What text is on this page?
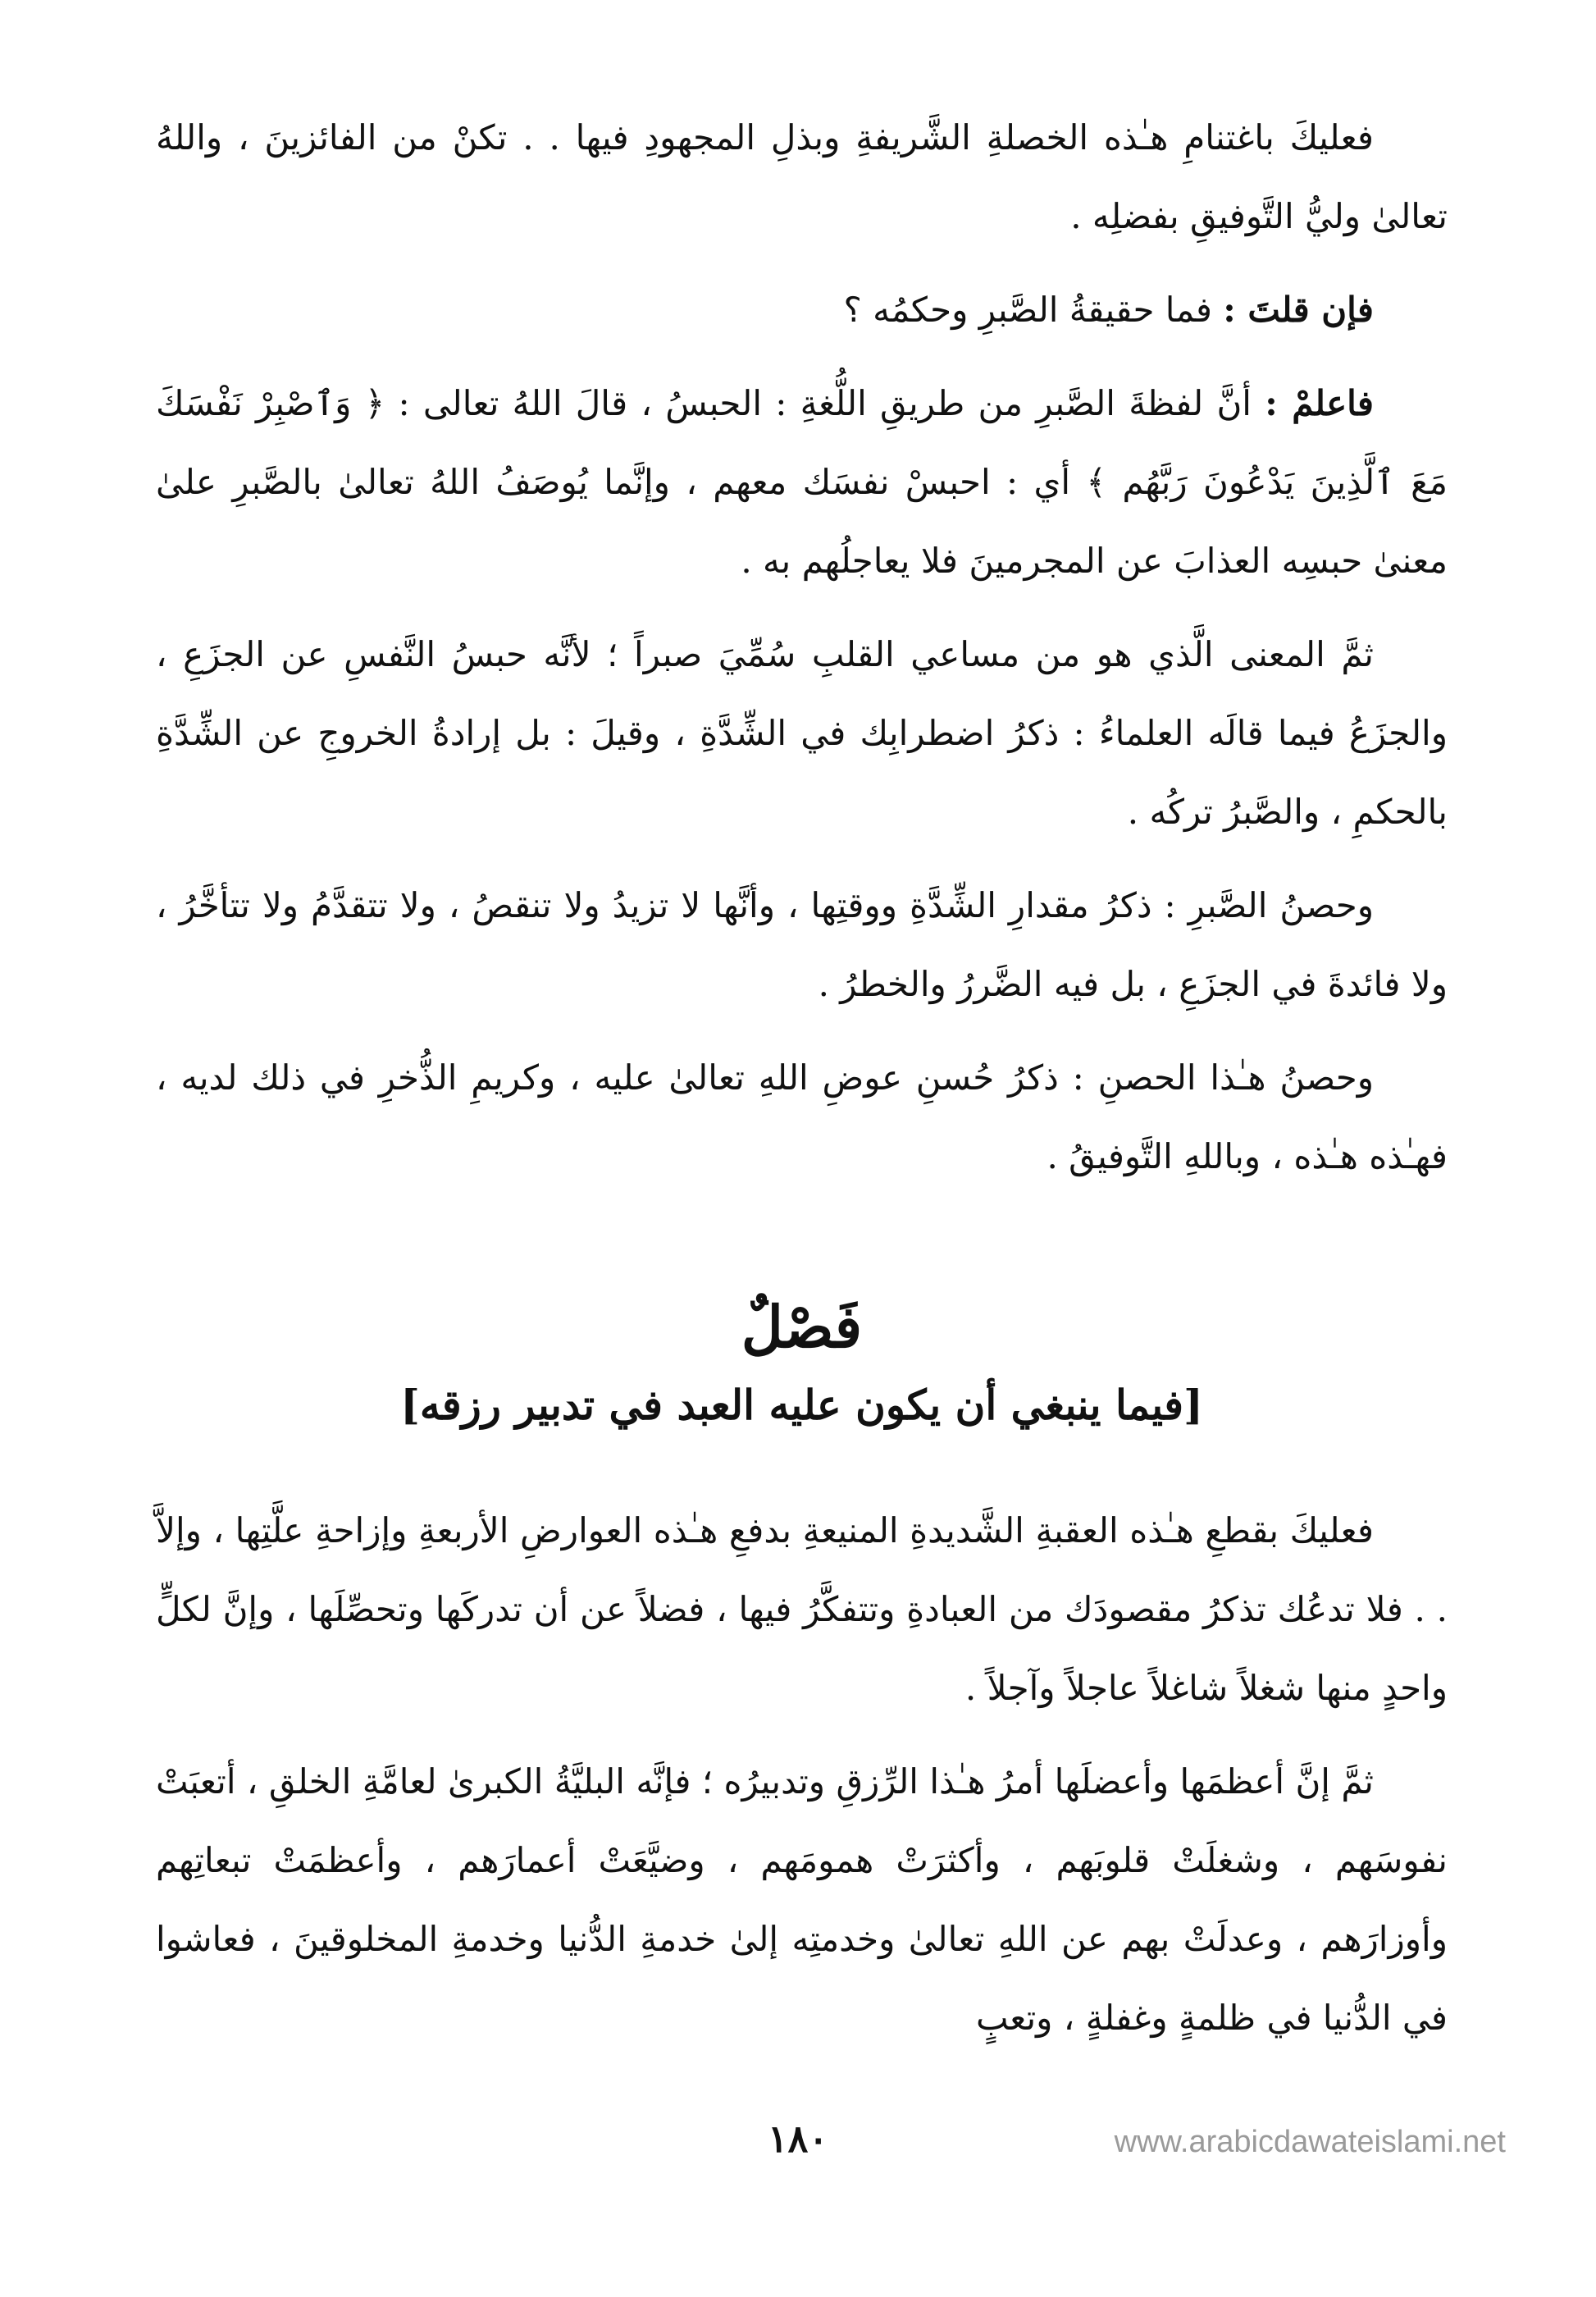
فعليكَ باغتنامِ هـٰذه الخصلةِ الشَّريفةِ وبذلِ المجهودِ فيها . . تكنْ من الفائزينَ ، واللهُ تعالىٰ وليُّ التَّوفيقِ بفضلِه .

فإن قلتَ : فما حقيقةُ الصَّبرِ وحكمُه ؟

فاعلمْ : أنَّ لفظةَ الصَّبرِ من طريقِ اللُّغةِ : الحبسُ ، قالَ اللهُ تعالى : ﴿ وَٱصْبِرْ نَفْسَكَ مَعَ ٱلَّذِينَ يَدْعُونَ رَبَّهُم ﴾ أي : احبسْ نفسَك معهم ، وإنَّما يُوصَفُ اللهُ تعالىٰ بالصَّبرِ علىٰ معنىٰ حبسِه العذابَ عن المجرمينَ فلا يعاجلُهم به .

ثمَّ المعنى الَّذي هو من مساعي القلبِ سُمِّيَ صبراً ؛ لأنَّه حبسُ النَّفسِ عن الجزَعِ ، والجزَعُ فيما قالَه العلماءُ : ذكرُ اضطرابِك في الشِّدَّةِ ، وقيلَ : بل إرادةُ الخروجِ عن الشِّدَّةِ بالحكمِ ، والصَّبرُ تركُه .

وحصنُ الصَّبرِ : ذكرُ مقدارِ الشِّدَّةِ ووقتِها ، وأنَّها لا تزيدُ ولا تنقصُ ، ولا تتقدَّمُ ولا تتأخَّرُ ، ولا فائدةَ في الجزَعِ ، بل فيه الضَّررُ والخطرُ .

وحصنُ هـٰذا الحصنِ : ذكرُ حُسنِ عوضِ اللهِ تعالىٰ عليه ، وكريمِ الذُّخرِ في ذلك لديه ، فهـٰذه هـٰذه ، وباللهِ التَّوفيقُ .

فَصْلٌ
[فيما ينبغي أن يكون عليه العبد في تدبير رزقه]

فعليكَ بقطعِ هـٰذه العقبةِ الشَّديدةِ المنيعةِ بدفعِ هـٰذه العوارضِ الأربعةِ وإزاحةِ علَّتِها ، وإلاَّ . . فلا تدعُك تذكرُ مقصودَك من العبادةِ وتتفكَّرُ فيها ، فضلاً عن أن تدركَها وتحصِّلَها ، وإنَّ لكلٍّ واحدٍ منها شغلاً شاغلاً عاجلاً وآجلاً .

ثمَّ إنَّ أعظمَها وأعضلَها أمرُ هـٰذا الرِّزقِ وتدبيرُه ؛ فإنَّه البليَّةُ الكبرىٰ لعامَّةِ الخلقِ ، أتعبَتْ نفوسَهم ، وشغلَتْ قلوبَهم ، وأكثرَتْ همومَهم ، وضيَّعَتْ أعمارَهم ، وأعظمَتْ تبعاتِهم وأوزارَهم ، وعدلَتْ بهم عن اللهِ تعالىٰ وخدمتِه إلىٰ خدمةِ الدُّنيا وخدمةِ المخلوقينَ ، فعاشوا في الدُّنيا في ظلمةٍ وغفلةٍ ، وتعبٍ

١٨٠	www.arabicdawateislami.net
